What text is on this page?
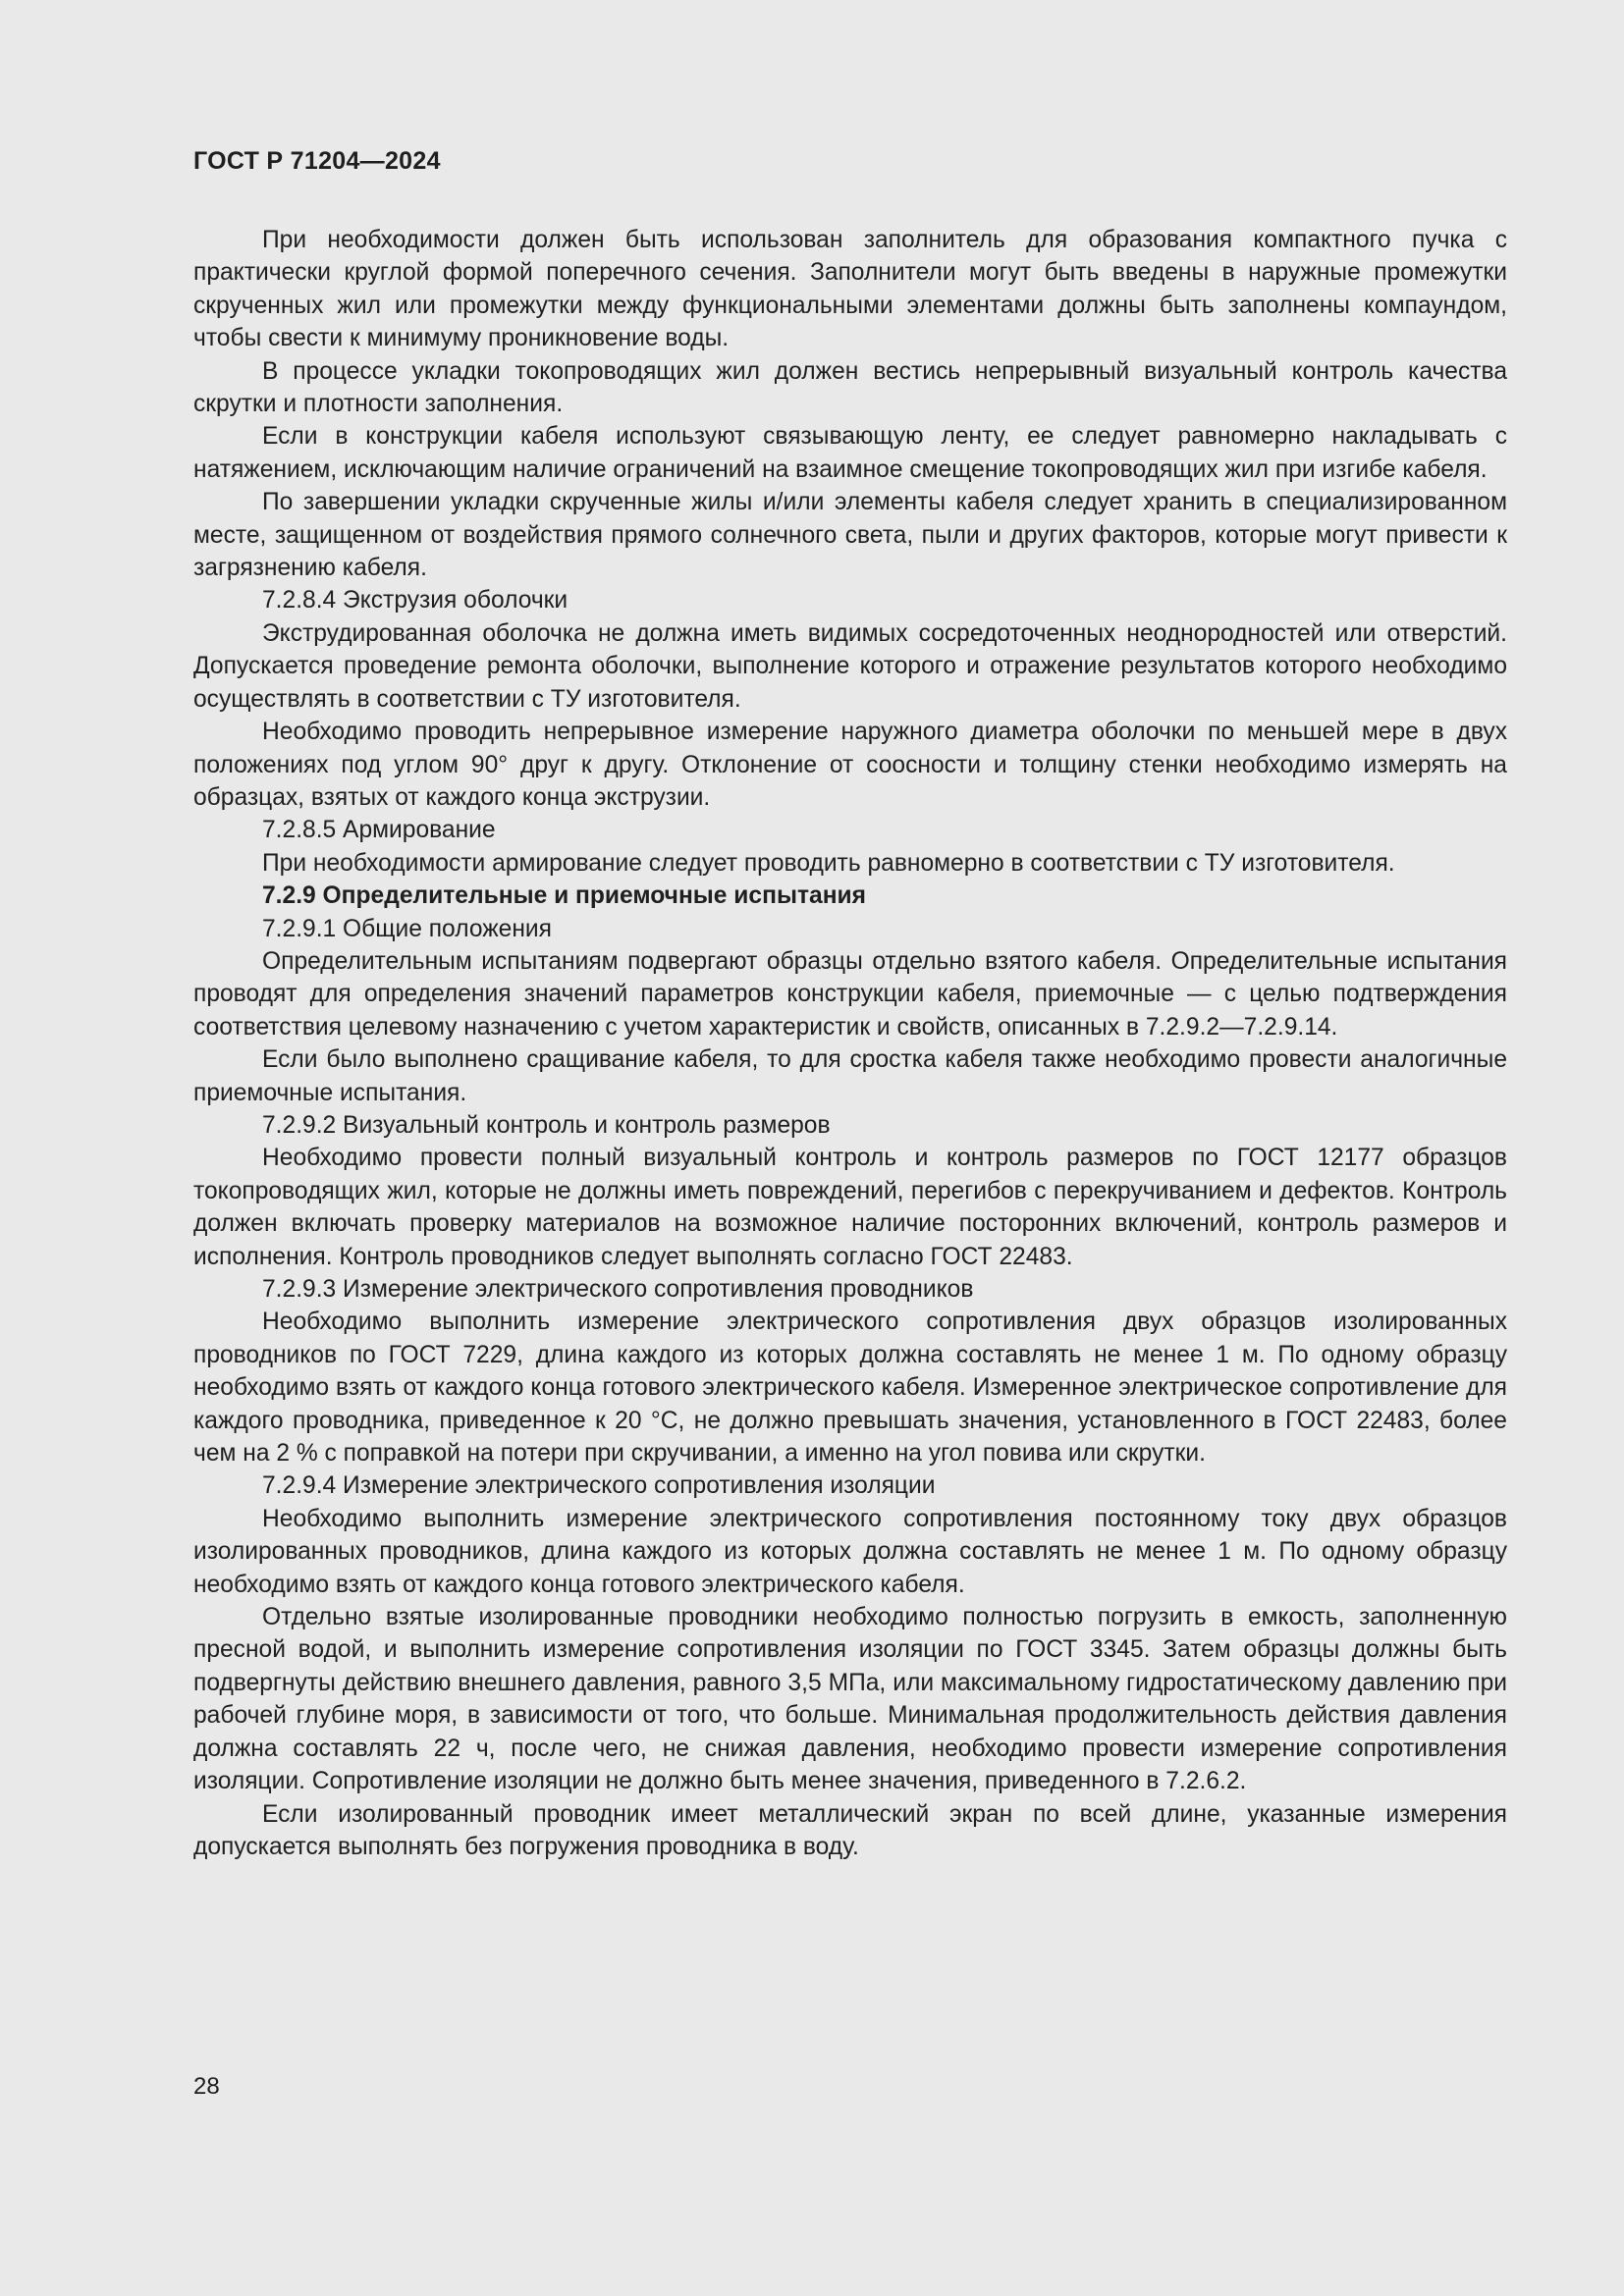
ГОСТ Р 71204—2024

При необходимости должен быть использован заполнитель для образования компактного пучка с практически круглой формой поперечного сечения. Заполнители могут быть введены в наружные промежутки скрученных жил или промежутки между функциональными элементами должны быть заполнены компаундом, чтобы свести к минимуму проникновение воды.

В процессе укладки токопроводящих жил должен вестись непрерывный визуальный контроль качества скрутки и плотности заполнения.

Если в конструкции кабеля используют связывающую ленту, ее следует равномерно накладывать с натяжением, исключающим наличие ограничений на взаимное смещение токопроводящих жил при изгибе кабеля.

По завершении укладки скрученные жилы и/или элементы кабеля следует хранить в специализированном месте, защищенном от воздействия прямого солнечного света, пыли и других факторов, которые могут привести к загрязнению кабеля.

7.2.8.4 Экструзия оболочки

Экструдированная оболочка не должна иметь видимых сосредоточенных неоднородностей или отверстий. Допускается проведение ремонта оболочки, выполнение которого и отражение результатов которого необходимо осуществлять в соответствии с ТУ изготовителя.

Необходимо проводить непрерывное измерение наружного диаметра оболочки по меньшей мере в двух положениях под углом 90° друг к другу. Отклонение от соосности и толщину стенки необходимо измерять на образцах, взятых от каждого конца экструзии.

7.2.8.5 Армирование

При необходимости армирование следует проводить равномерно в соответствии с ТУ изготовителя.

7.2.9 Определительные и приемочные испытания

7.2.9.1 Общие положения

Определительным испытаниям подвергают образцы отдельно взятого кабеля. Определительные испытания проводят для определения значений параметров конструкции кабеля, приемочные — с целью подтверждения соответствия целевому назначению с учетом характеристик и свойств, описанных в 7.2.9.2—7.2.9.14.

Если было выполнено сращивание кабеля, то для сростка кабеля также необходимо провести аналогичные приемочные испытания.

7.2.9.2 Визуальный контроль и контроль размеров

Необходимо провести полный визуальный контроль и контроль размеров по ГОСТ 12177 образцов токопроводящих жил, которые не должны иметь повреждений, перегибов с перекручиванием и дефектов. Контроль должен включать проверку материалов на возможное наличие посторонних включений, контроль размеров и исполнения. Контроль проводников следует выполнять согласно ГОСТ 22483.

7.2.9.3 Измерение электрического сопротивления проводников

Необходимо выполнить измерение электрического сопротивления двух образцов изолированных проводников по ГОСТ 7229, длина каждого из которых должна составлять не менее 1 м. По одному образцу необходимо взять от каждого конца готового электрического кабеля. Измеренное электрическое сопротивление для каждого проводника, приведенное к 20 °С, не должно превышать значения, установленного в ГОСТ 22483, более чем на 2 % с поправкой на потери при скручивании, а именно на угол повива или скрутки.

7.2.9.4 Измерение электрического сопротивления изоляции

Необходимо выполнить измерение электрического сопротивления постоянному току двух образцов изолированных проводников, длина каждого из которых должна составлять не менее 1 м. По одному образцу необходимо взять от каждого конца готового электрического кабеля.

Отдельно взятые изолированные проводники необходимо полностью погрузить в емкость, заполненную пресной водой, и выполнить измерение сопротивления изоляции по ГОСТ 3345. Затем образцы должны быть подвергнуты действию внешнего давления, равного 3,5 МПа, или максимальному гидростатическому давлению при рабочей глубине моря, в зависимости от того, что больше. Минимальная продолжительность действия давления должна составлять 22 ч, после чего, не снижая давления, необходимо провести измерение сопротивления изоляции. Сопротивление изоляции не должно быть менее значения, приведенного в 7.2.6.2.

Если изолированный проводник имеет металлический экран по всей длине, указанные измерения допускается выполнять без погружения проводника в воду.

28
